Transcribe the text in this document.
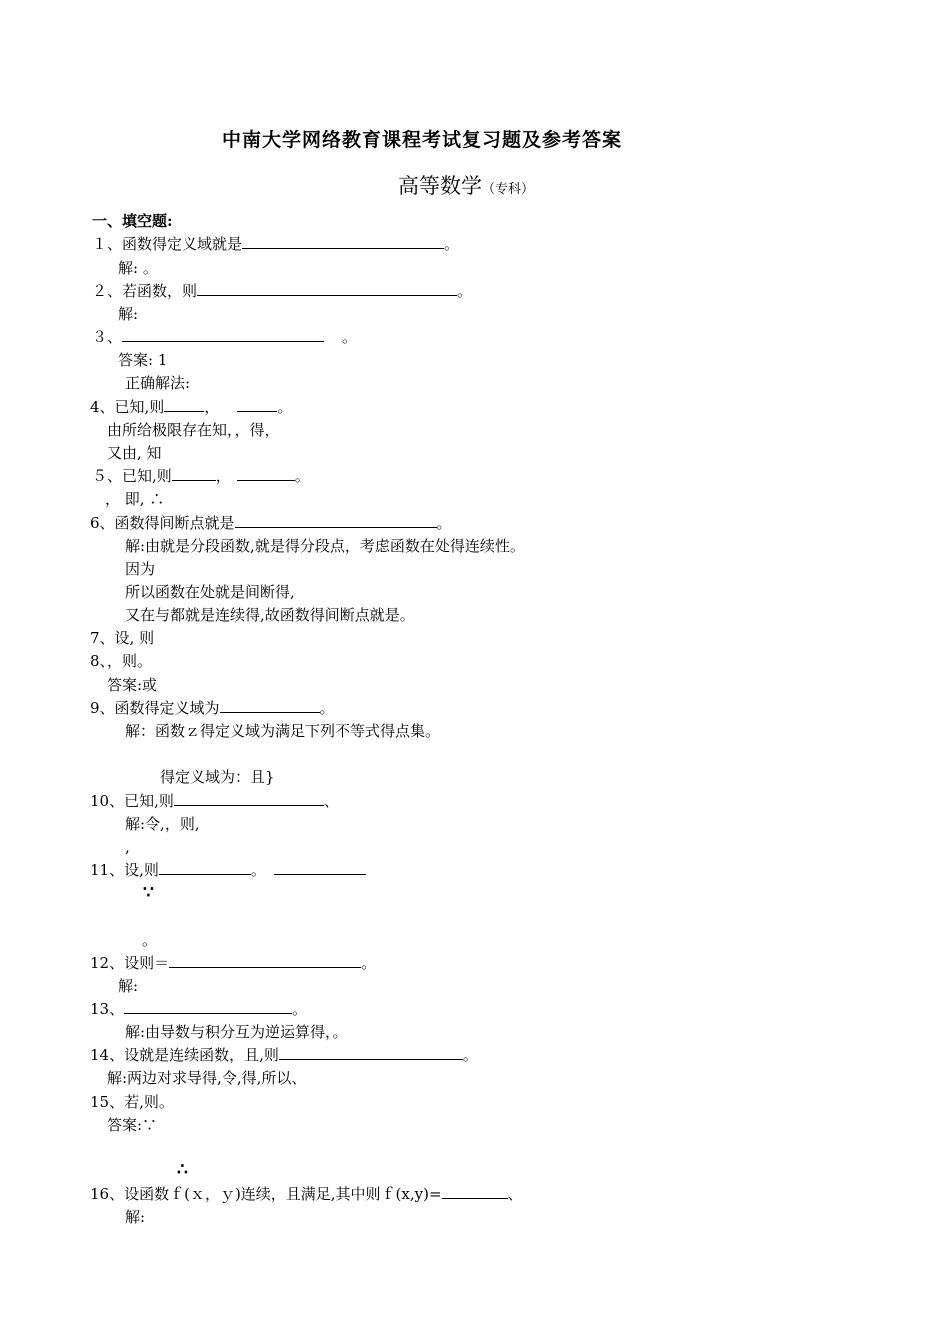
中南大学网络教育课程考试复习题及参考答案
高等数学（专科）
一、填空题:
１、函数得定义域就是	。
解: 。
２、若函数，则	。
解:
３、	。
答案: 1
正确解法:
4、已知,则	，	。
由所给极限存在知，，得，
又由, 知
５、已知,则	，	。
， 即, ∴
6、函数得间断点就是	。
解:由就是分段函数,就是得分段点，考虑函数在处得连续性。
因为
所以函数在处就是间断得,
又在与都就是连续得,故函数得间断点就是。
7、设, 则
8、，则。
答案:或
9、函数得定义域为	。
解：函数ｚ得定义域为满足下列不等式得点集。
得定义域为：且}
10、已知,则	、
解:令,，则,
,
11、设,则	。
∵
。
12、设则＝	。
解:
13、	。
解:由导数与积分互为逆运算得，。
14、设就是连续函数，且,则	。
解:两边对求导得,令,得,所以、
15、若,则。
答案:∵
∴
16、设函数ｆ(ｘ，ｙ)连续，且满足,其中则ｆ(x,y)=	、
解:
